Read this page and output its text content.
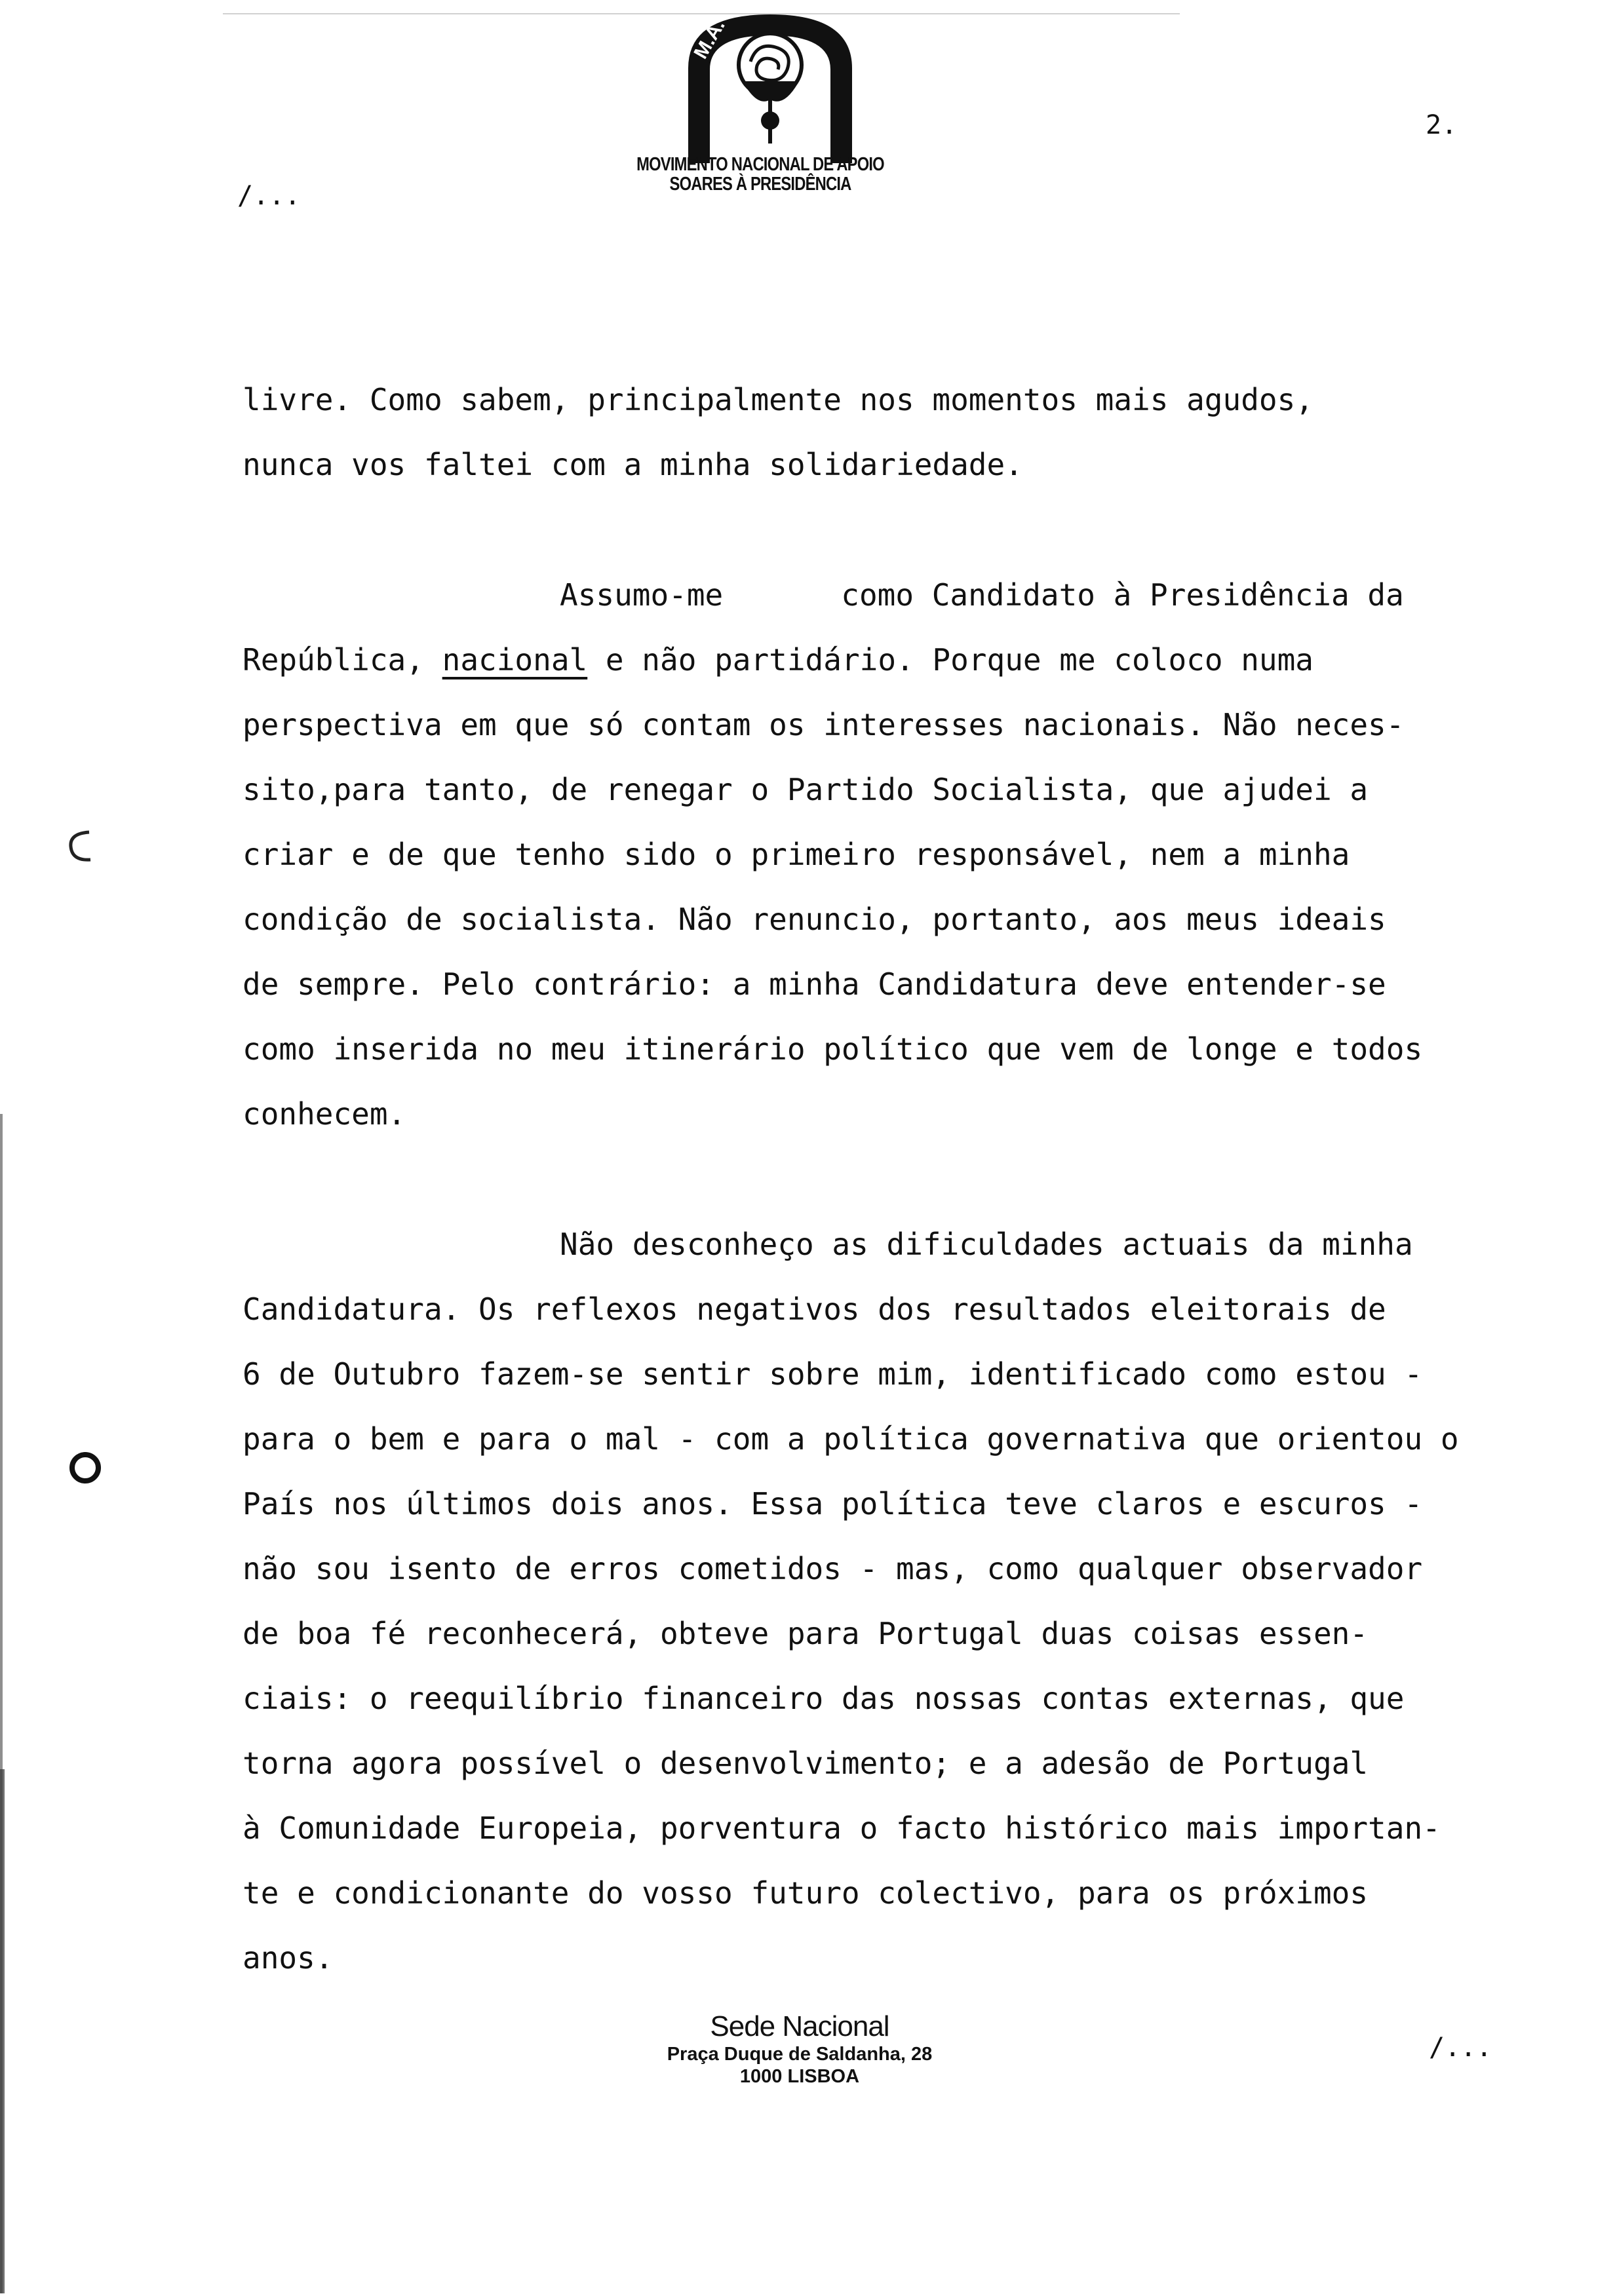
M.A.
MOVIMENTO NACIONAL DE APOIO
SOARES À PRESIDÊNCIA
2.
/...
livre. Como sabem, principalmente nos momentos mais agudos,
nunca vos faltei com a minha solidariedade.
Assumo-me	como Candidato à Presidência da
República, nacional e não partidário. Porque me coloco numa
perspectiva em que só contam os interesses nacionais. Não neces-
sito,para tanto, de renegar o Partido Socialista, que ajudei a
criar e de que tenho sido o primeiro responsável, nem a minha
condição de socialista. Não renuncio, portanto, aos meus ideais
de sempre. Pelo contrário: a minha Candidatura deve entender-se
como inserida no meu itinerário político que vem de longe e todos
conhecem.
Não desconheço as dificuldades actuais da minha
Candidatura. Os reflexos negativos dos resultados eleitorais de
6 de Outubro fazem-se sentir sobre mim, identificado como estou -
para o bem e para o mal - com a política governativa que orientou o
País nos últimos dois anos. Essa política teve claros e escuros -
não sou isento de erros cometidos - mas, como qualquer observador
de boa fé reconhecerá, obteve para Portugal duas coisas essen-
ciais: o reequilíbrio financeiro das nossas contas externas, que
torna agora possível o desenvolvimento; e a adesão de Portugal
à Comunidade Europeia, porventura o facto histórico mais importan-
te e condicionante do vosso futuro colectivo, para os próximos
anos.
Sede Nacional
Praça Duque de Saldanha, 28
1000 LISBOA
/...
